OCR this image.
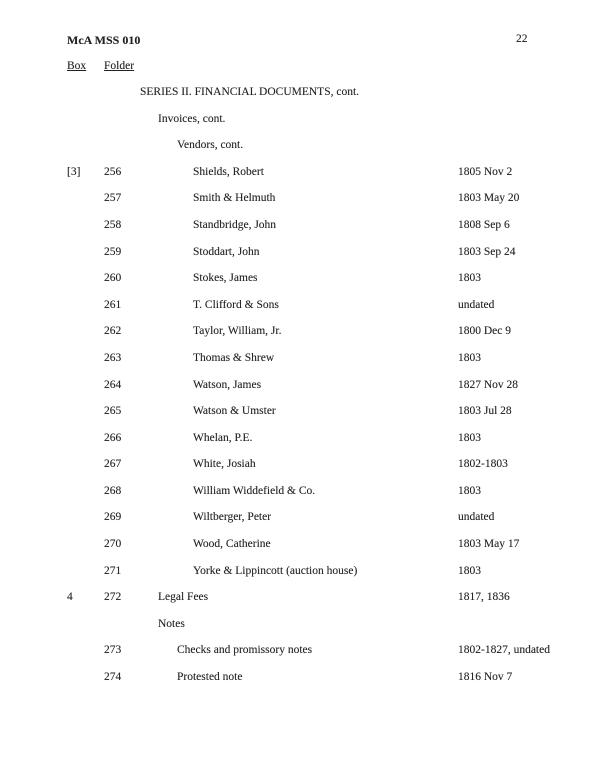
McA MSS 010	22
Box Folder
SERIES II. FINANCIAL DOCUMENTS, cont.
Invoices, cont.
Vendors, cont.
[3] 256	Shields, Robert	1805 Nov 2
257	Smith & Helmuth	1803 May 20
258	Standbridge, John	1808 Sep 6
259	Stoddart, John	1803 Sep 24
260	Stokes, James	1803
261	T. Clifford & Sons	undated
262	Taylor, William, Jr.	1800 Dec 9
263	Thomas & Shrew	1803
264	Watson, James	1827 Nov 28
265	Watson & Umster	1803 Jul 28
266	Whelan, P.E.	1803
267	White, Josiah	1802-1803
268	William Widdefield & Co.	1803
269	Wiltberger, Peter	undated
270	Wood, Catherine	1803 May 17
271	Yorke & Lippincott (auction house)	1803
4	272	Legal Fees	1817, 1836
Notes
273	Checks and promissory notes	1802-1827, undated
274	Protested note	1816 Nov 7
